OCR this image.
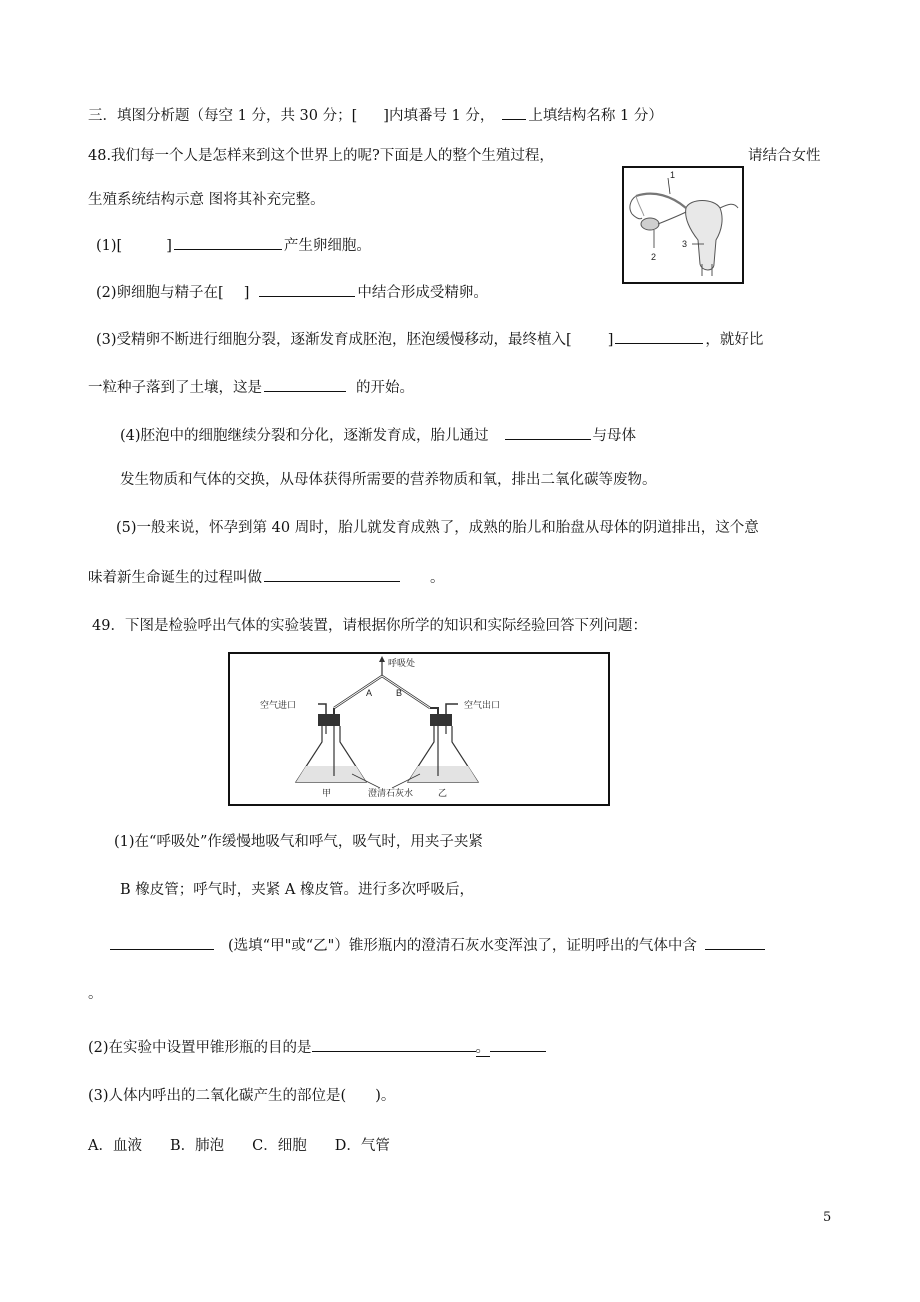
三．填图分析题（每空 1 分，共 30 分；[ ]内填番号 1 分， 上填结构名称 1 分）
48.我们每一个人是怎样来到这个世界上的呢?下面是人的整个生殖过程，	请结合女性
生殖系统结构示意 图将其补充完整。
1
2
3
(1)[	]	产生卵细胞。
(2)卵细胞与精子在[ ]	中结合形成受精卵。
(3)受精卵不断进行细胞分裂，逐渐发育成胚泡，胚泡缓慢移动，最终植入[ ]	，就好比
一粒种子落到了土壤，这是	的开始。
(4)胚泡中的细胞继续分裂和分化，逐渐发育成，胎儿通过	与母体
发生物质和气体的交换，从母体获得所需要的营养物质和氧，排出二氧化碳等废物。
(5)一般来说，怀孕到第 40 周时，胎儿就发育成熟了，成熟的胎儿和胎盘从母体的阴道排出，这个意
味着新生命诞生的过程叫做	。
49．下图是检验呼出气体的实验装置，请根据你所学的知识和实际经验回答下列问题：
呼吸处
A	B
空气进口	空气出口
甲	乙
澄清石灰水
(1)在“呼吸处”作缓慢地吸气和呼气，吸气时，用夹子夹紧
B 橡皮管；呼气时，夹紧 A 橡皮管。进行多次呼吸后，
(选填“甲"或“乙"）锥形瓶内的澄清石灰水变浑浊了，证明呼出的气体中含
。
(2)在实验中设置甲锥形瓶的目的是	。
(3)人体内呼出的二氧化碳产生的部位是(　　)。
A．血液 B．肺泡 C．细胞 D．气管
5
